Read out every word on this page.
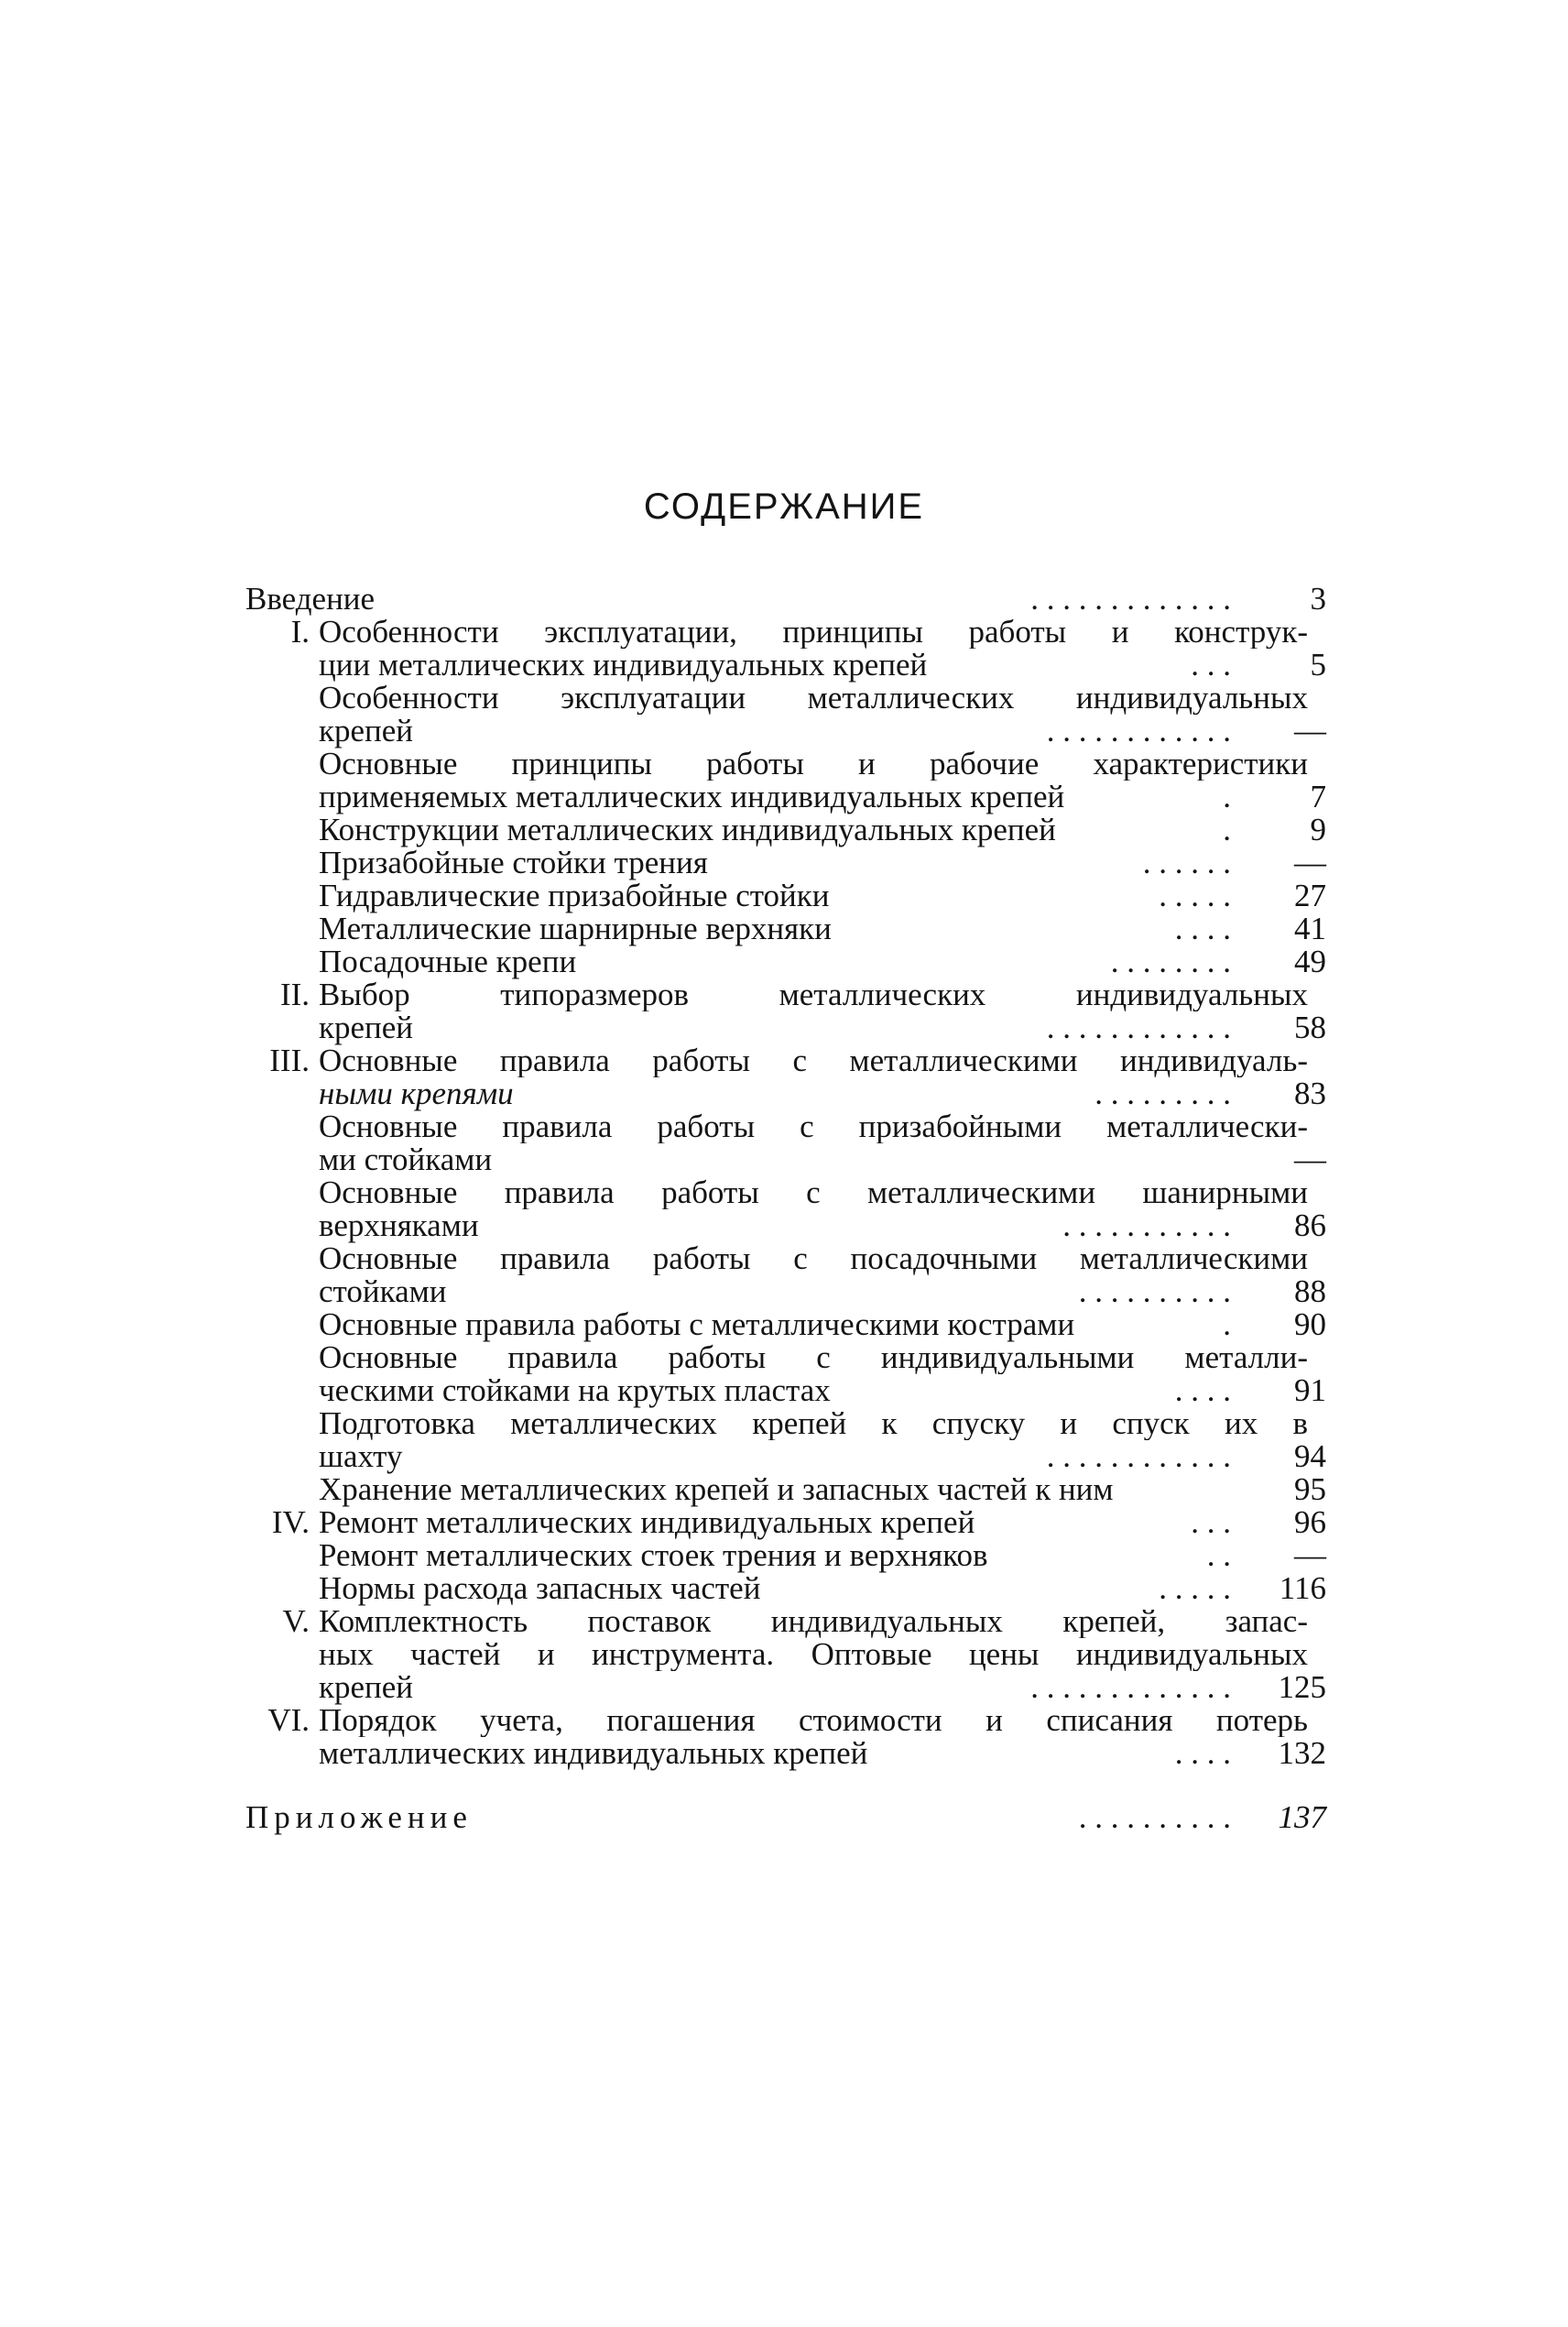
СОДЕРЖАНИЕ
Введение	. . . . . . . . . . . . .	3
I. Особенности эксплуатации, принципы работы и конструк-
ции металлических индивидуальных крепей	. . .	5
Особенности эксплуатации металлических индивидуальных
крепей	. . . . . . . . . . . .	—
Основные принципы работы и рабочие характеристики
применяемых металлических индивидуальных крепей	.	7
Конструкции металлических индивидуальных крепей	.	9
Призабойные стойки трения	. . . . . .	—
Гидравлические призабойные стойки	. . . . .	27
Металлические шарнирные верхняки	. . . .	41
Посадочные крепи	. . . . . . . .	49
II. Выбор типоразмеров металлических индивидуальных
крепей	. . . . . . . . . . . .	58
III. Основные правила работы с металлическими индивидуаль-
ными крепями	. . . . . . . . .	83
Основные правила работы с призабойными металлически-
ми стойками	—
Основные правила работы с металлическими шанирными
верхняками	. . . . . . . . . . .	86
Основные правила работы с посадочными металлическими
стойками	. . . . . . . . . .	88
Основные правила работы с металлическими кострами	.	90
Основные правила работы с индивидуальными металли-
ческими стойками на крутых пластах	. . . .	91
Подготовка металлических крепей к спуску и спуск их в
шахту	. . . . . . . . . . . .	94
Хранение металлических крепей и запасных частей к ним	95
IV. Ремонт металлических индивидуальных крепей	. . .	96
Ремонт металлических стоек трения и верхняков	. .	—
Нормы расхода запасных частей	. . . . .	116
V. Комплектность поставок индивидуальных крепей, запас-
ных частей и инструмента. Оптовые цены индивидуальных
крепей	. . . . . . . . . . . . .	125
VI. Порядок учета, погашения стоимости и списания потерь
металлических индивидуальных крепей	. . . .	132
Приложение	. . . . . . . . . .	137
